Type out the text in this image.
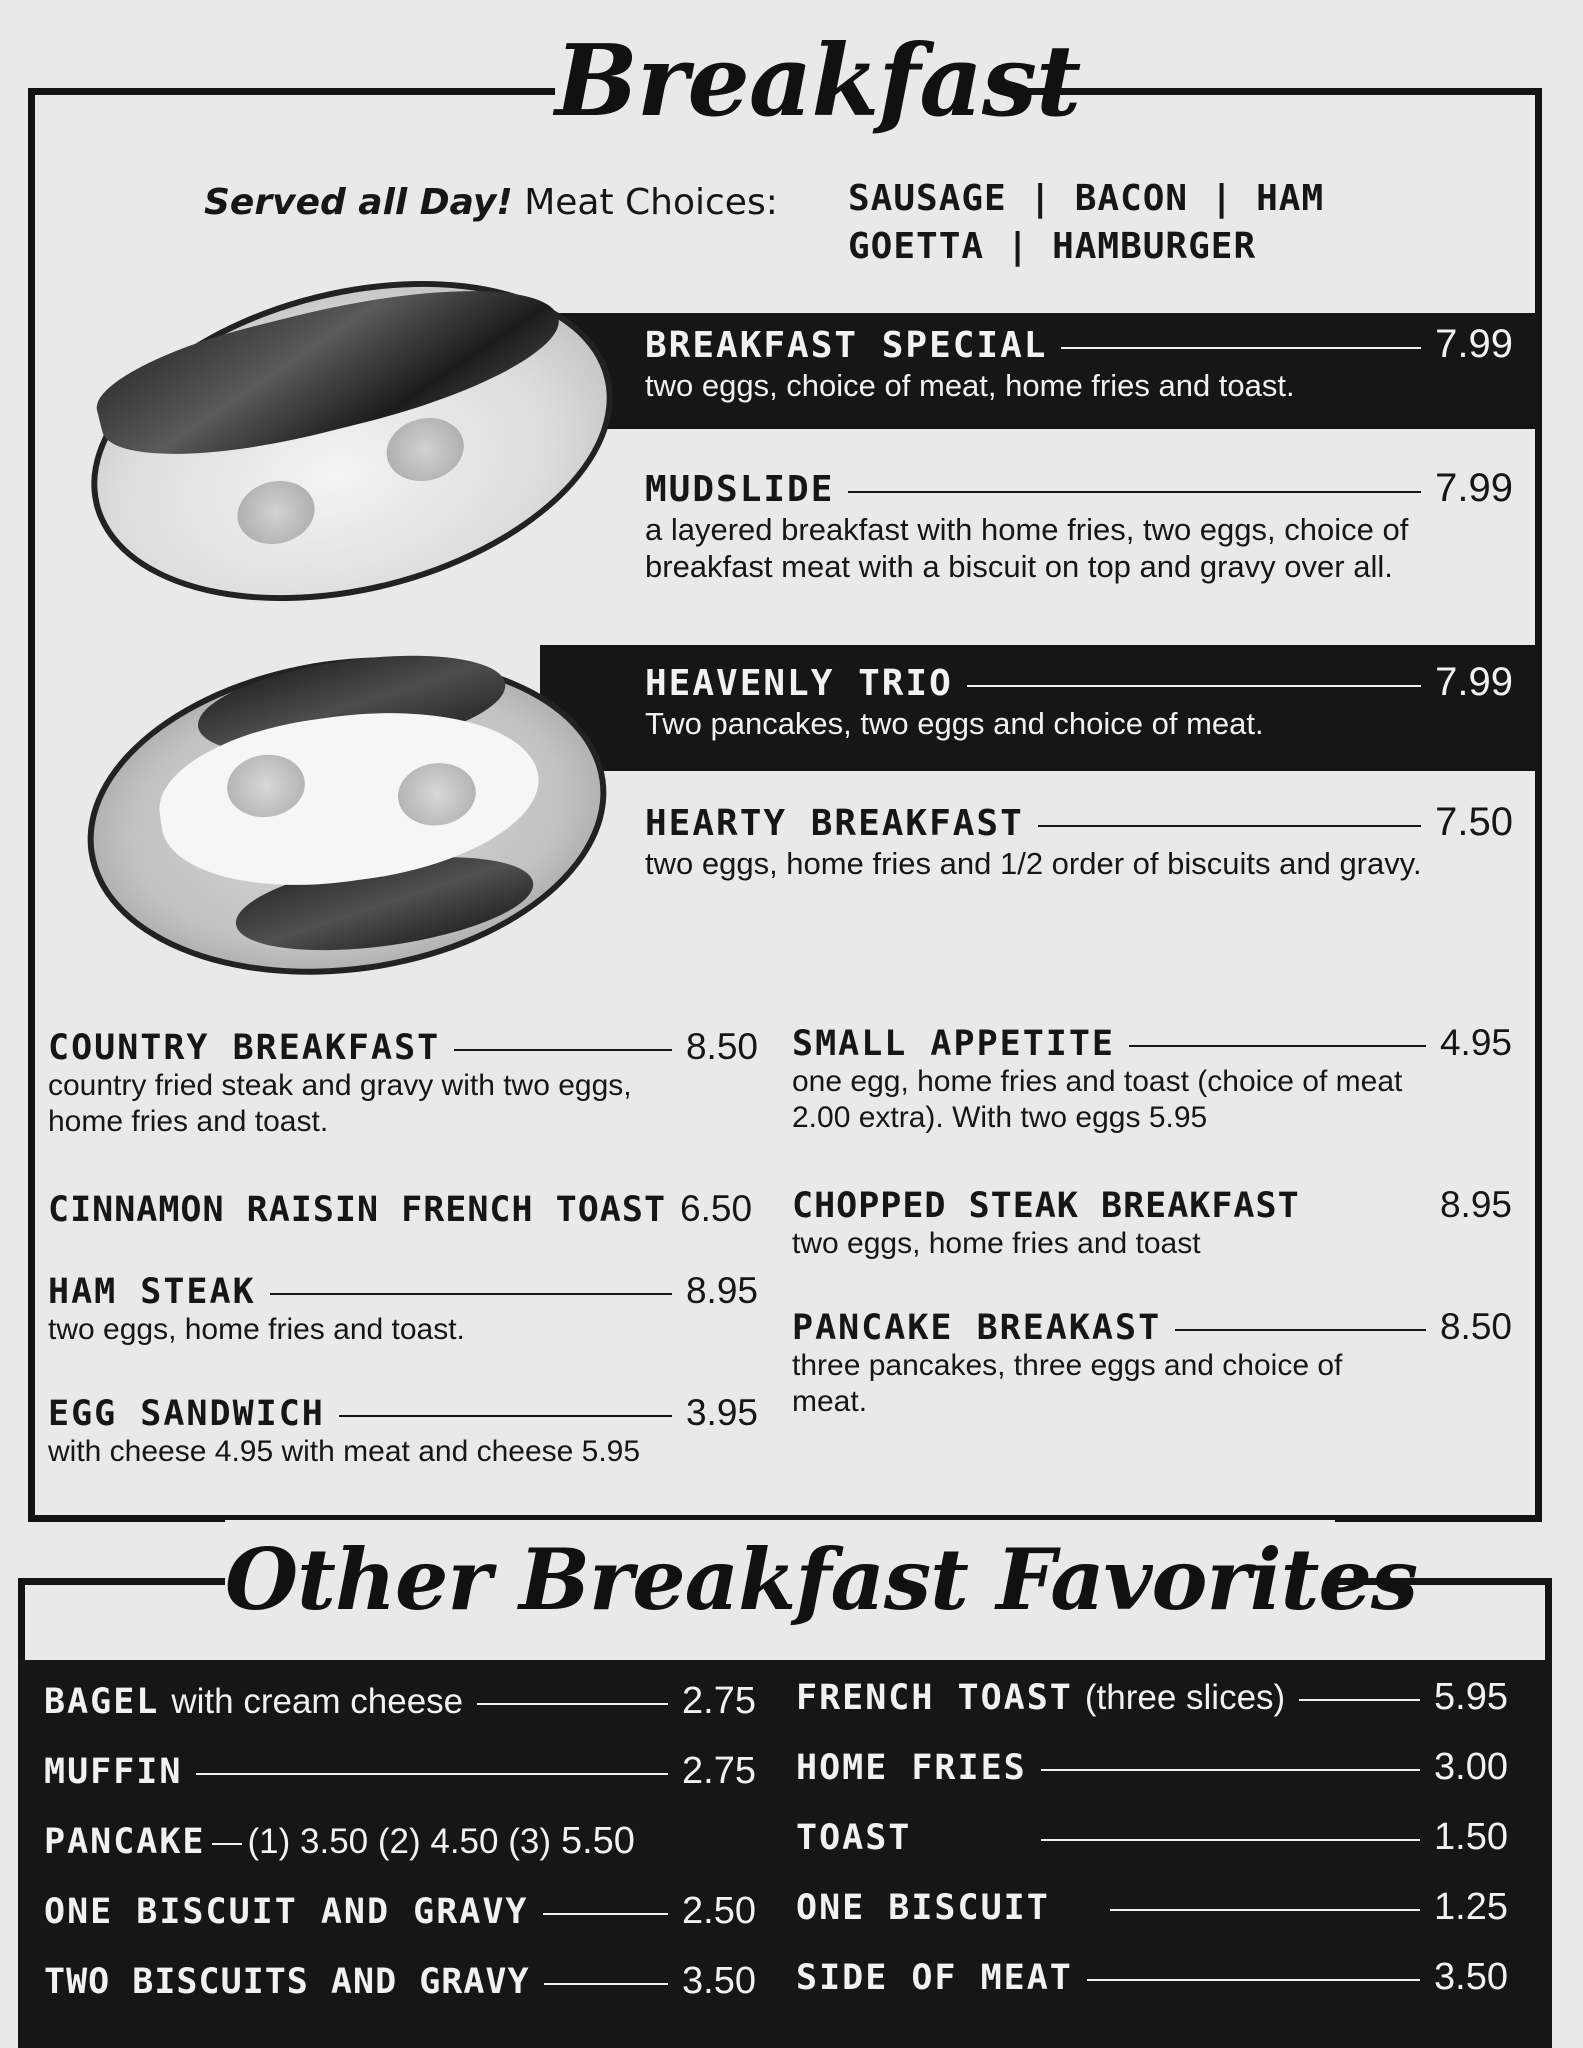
Breakfast
Served all Day! Meat Choices: SAUSAGE | BACON | HAM
GOETTA | HAMBURGER
BREAKFAST SPECIAL	7.99
two eggs, choice of meat, home fries and toast.
MUDSLIDE	7.99
a layered breakfast with home fries, two eggs, choice of breakfast meat with a biscuit on top and gravy over all.
HEAVENLY TRIO	7.99
Two pancakes, two eggs and choice of meat.
HEARTY BREAKFAST	7.50
two eggs, home fries and 1/2 order of biscuits and gravy.
COUNTRY BREAKFAST	8.50
country fried steak and gravy with two eggs, home fries and toast.
CINNAMON RAISIN FRENCH TOAST 6.50
HAM STEAK	8.95
two eggs, home fries and toast.
EGG SANDWICH	3.95
with cheese 4.95 with meat and cheese 5.95
SMALL APPETITE	4.95
one egg, home fries and toast (choice of meat 2.00 extra). With two eggs 5.95
CHOPPED STEAK BREAKFAST	8.95
two eggs, home fries and toast
PANCAKE BREAKAST	8.50
three pancakes, three eggs and choice of meat.
Other Breakfast Favorites
BAGEL with cream cheese	2.75
MUFFIN	2.75
PANCAKE (1) 3.50 (2) 4.50 (3) 5.50
ONE BISCUIT AND GRAVY	2.50
TWO BISCUITS AND GRAVY	3.50
FRENCH TOAST (three slices)	5.95
HOME FRIES	3.00
TOAST	1.50
ONE BISCUIT	1.25
SIDE OF MEAT	3.50
